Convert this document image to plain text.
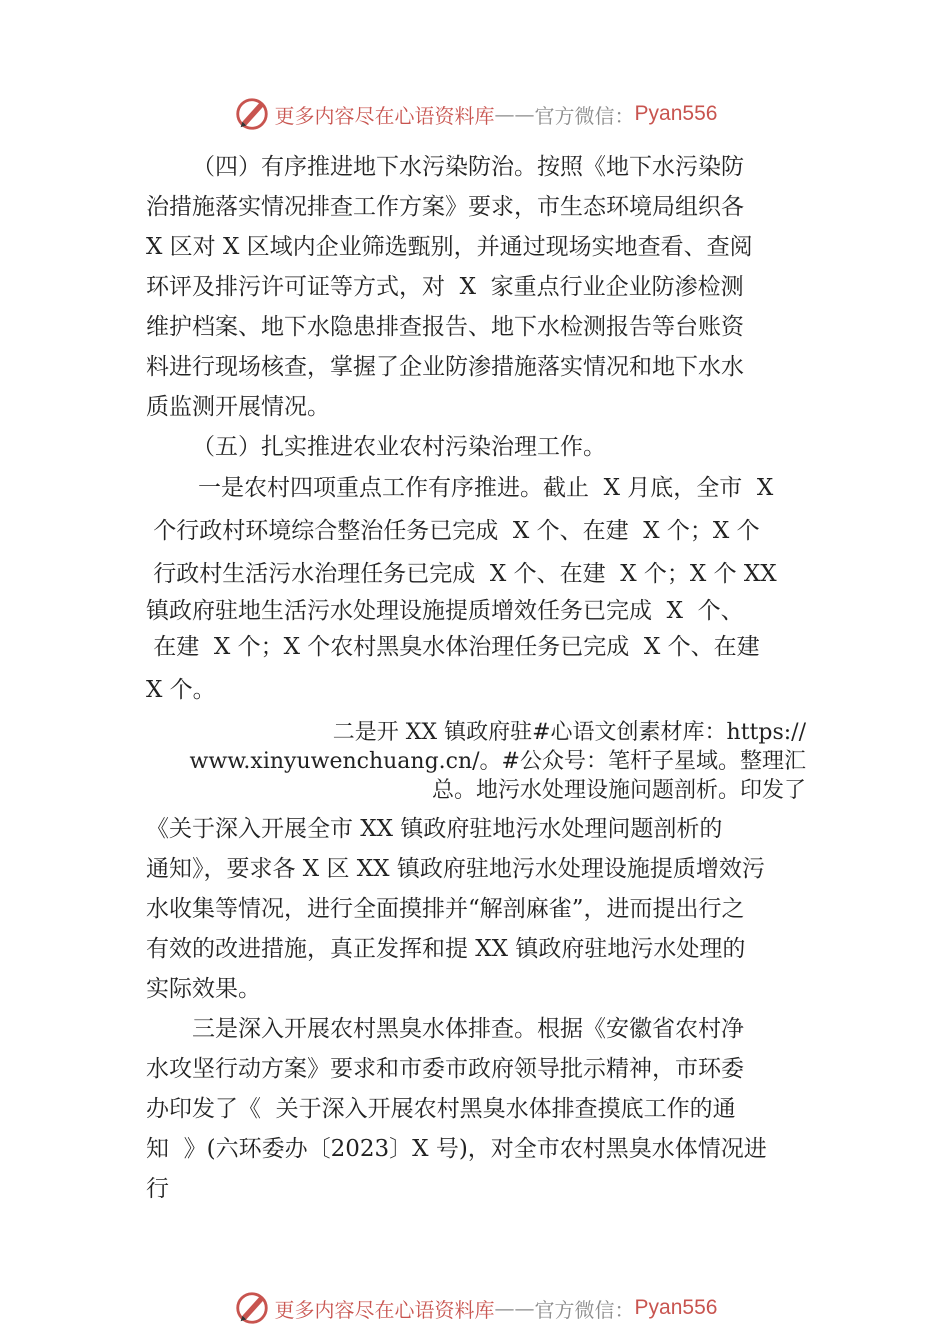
更多内容尽在心语资料库 —— 官方微信： Pyan556
（四）有序推进地下水污染防治。按照《地下水污染防
治措施落实情况排查工作方案》要求，市生态环境局组织各
X 区对 X 区域内企业筛选甄别，并通过现场实地查看、查阅
环评及排污许可证等方式，对  X  家重点行业企业防渗检测
维护档案、地下水隐患排查报告、地下水检测报告等台账资
料进行现场核查，掌握了企业防渗措施落实情况和地下水水
质监测开展情况。
（五）扎实推进农业农村污染治理工作。
一是农村四项重点工作有序推进。截止  X 月底，全市  X
个行政村环境综合整治任务已完成  X 个、在建  X 个；X 个
行政村生活污水治理任务已完成  X 个、在建  X 个；X 个 XX
镇政府驻地生活污水处理设施提质增效任务已完成  X  个、
在建  X 个；X 个农村黑臭水体治理任务已完成  X 个、在建
X 个。
二是开 XX 镇政府驻#心语文创素材库：https://
www.xinyuwenchuang.cn/。#公众号：笔杆子星域。整理汇
总。地污水处理设施问题剖析。印发了
《关于深入开展全市 XX 镇政府驻地污水处理问题剖析的
通知》，要求各 X 区 XX 镇政府驻地污水处理设施提质增效污
水收集等情况，进行全面摸排并“解剖麻雀”，进而提出行之
有效的改进措施，真正发挥和提 XX 镇政府驻地污水处理的
实际效果。
三是深入开展农村黑臭水体排查。根据《安徽省农村净
水攻坚行动方案》要求和市委市政府领导批示精神，市环委
办印发了《  关于深入开展农村黑臭水体排查摸底工作的通
知  》(六环委办〔2023〕X 号)，对全市农村黑臭水体情况进
行
更多内容尽在心语资料库 —— 官方微信： Pyan556
